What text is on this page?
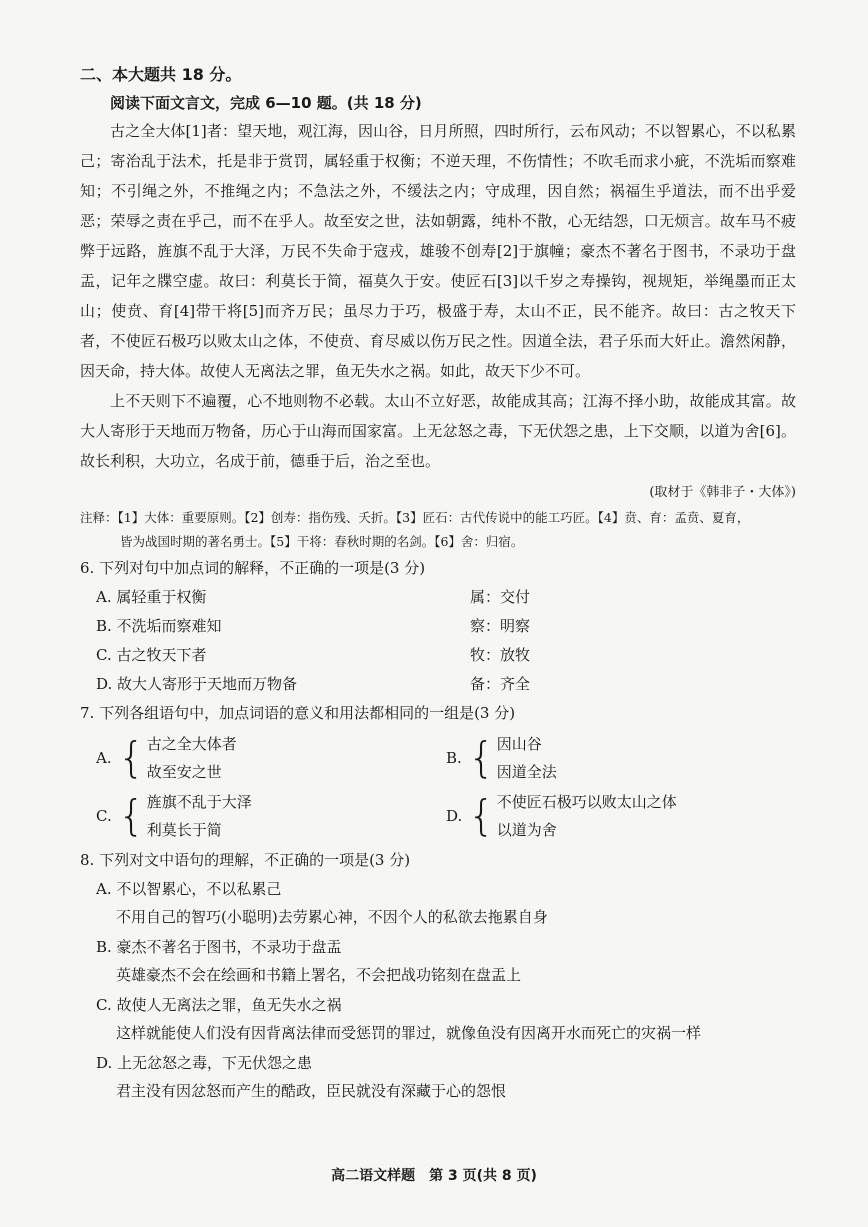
二、本大题共 18 分。

阅读下面文言文，完成 6—10 题。(共 18 分)

古之全大体[1]者：望天地，观江海，因山谷，日月所照，四时所行，云布风动；不以智累心，不以私累己；寄治乱于法术，托是非于赏罚，属轻重于权衡；不逆天理，不伤情性；不吹毛而求小疵，不洗垢而察难知；不引绳之外，不推绳之内；不急法之外，不缓法之内；守成理，因自然；祸福生乎道法，而不出乎爱恶；荣辱之责在乎己，而不在乎人。故至安之世，法如朝露，纯朴不散，心无结怨，口无烦言。故车马不疲弊于远路，旌旗不乱于大泽，万民不失命于寇戎，雄骏不创寿[2]于旗幢；豪杰不著名于图书，不录功于盘盂，记年之牒空虚。故曰：利莫长于简，福莫久于安。使匠石[3]以千岁之寿操钩，视规矩，举绳墨而正太山；使贲、育[4]带干将[5]而齐万民；虽尽力于巧，极盛于寿，太山不正，民不能齐。故曰：古之牧天下者，不使匠石极巧以败太山之体，不使贲、育尽威以伤万民之性。因道全法，君子乐而大奸止。澹然闲静，因天命，持大体。故使人无离法之罪，鱼无失水之祸。如此，故天下少不可。

上不天则下不遍覆，心不地则物不必载。太山不立好恶，故能成其高；江海不择小助，故能成其富。故大人寄形于天地而万物备，历心于山海而国家富。上无忿怒之毒，下无伏怨之患，上下交顺，以道为舍[6]。故长利积，大功立，名成于前，德垂于后，治之至也。

(取材于《韩非子・大体》)

注释：【1】大体：重要原则。【2】创寿：指伤残、夭折。【3】匠石：古代传说中的能工巧匠。【4】贲、育：孟贲、夏育，
皆为战国时期的著名勇士。【5】干将：春秋时期的名剑。【6】舍：归宿。

6. 下列对句中加点词的解释，不正确的一项是(3 分)

A. 属轻重于权衡	属：交付
B. 不洗垢而察难知	察：明察
C. 古之牧天下者	牧：放牧
D. 故大人寄形于天地而万物备	备：齐全

7. 下列各组语句中，加点词语的意义和用法都相同的一组是(3 分)

A. { 古之全大体者
故至安之世
B. { 因山谷
因道全法
C. { 旌旗不乱于大泽
利莫长于简
D. { 不使匠石极巧以败太山之体
以道为舍

8. 下列对文中语句的理解，不正确的一项是(3 分)

A. 不以智累心，不以私累己

不用自己的智巧(小聪明)去劳累心神，不因个人的私欲去拖累自身

B. 豪杰不著名于图书，不录功于盘盂

英雄豪杰不会在绘画和书籍上署名，不会把战功铭刻在盘盂上

C. 故使人无离法之罪，鱼无失水之祸

这样就能使人们没有因背离法律而受惩罚的罪过，就像鱼没有因离开水而死亡的灾祸一样

D. 上无忿怒之毒，下无伏怨之患

君主没有因忿怒而产生的酷政，臣民就没有深藏于心的怨恨

高二语文样题　第 3 页(共 8 页)
